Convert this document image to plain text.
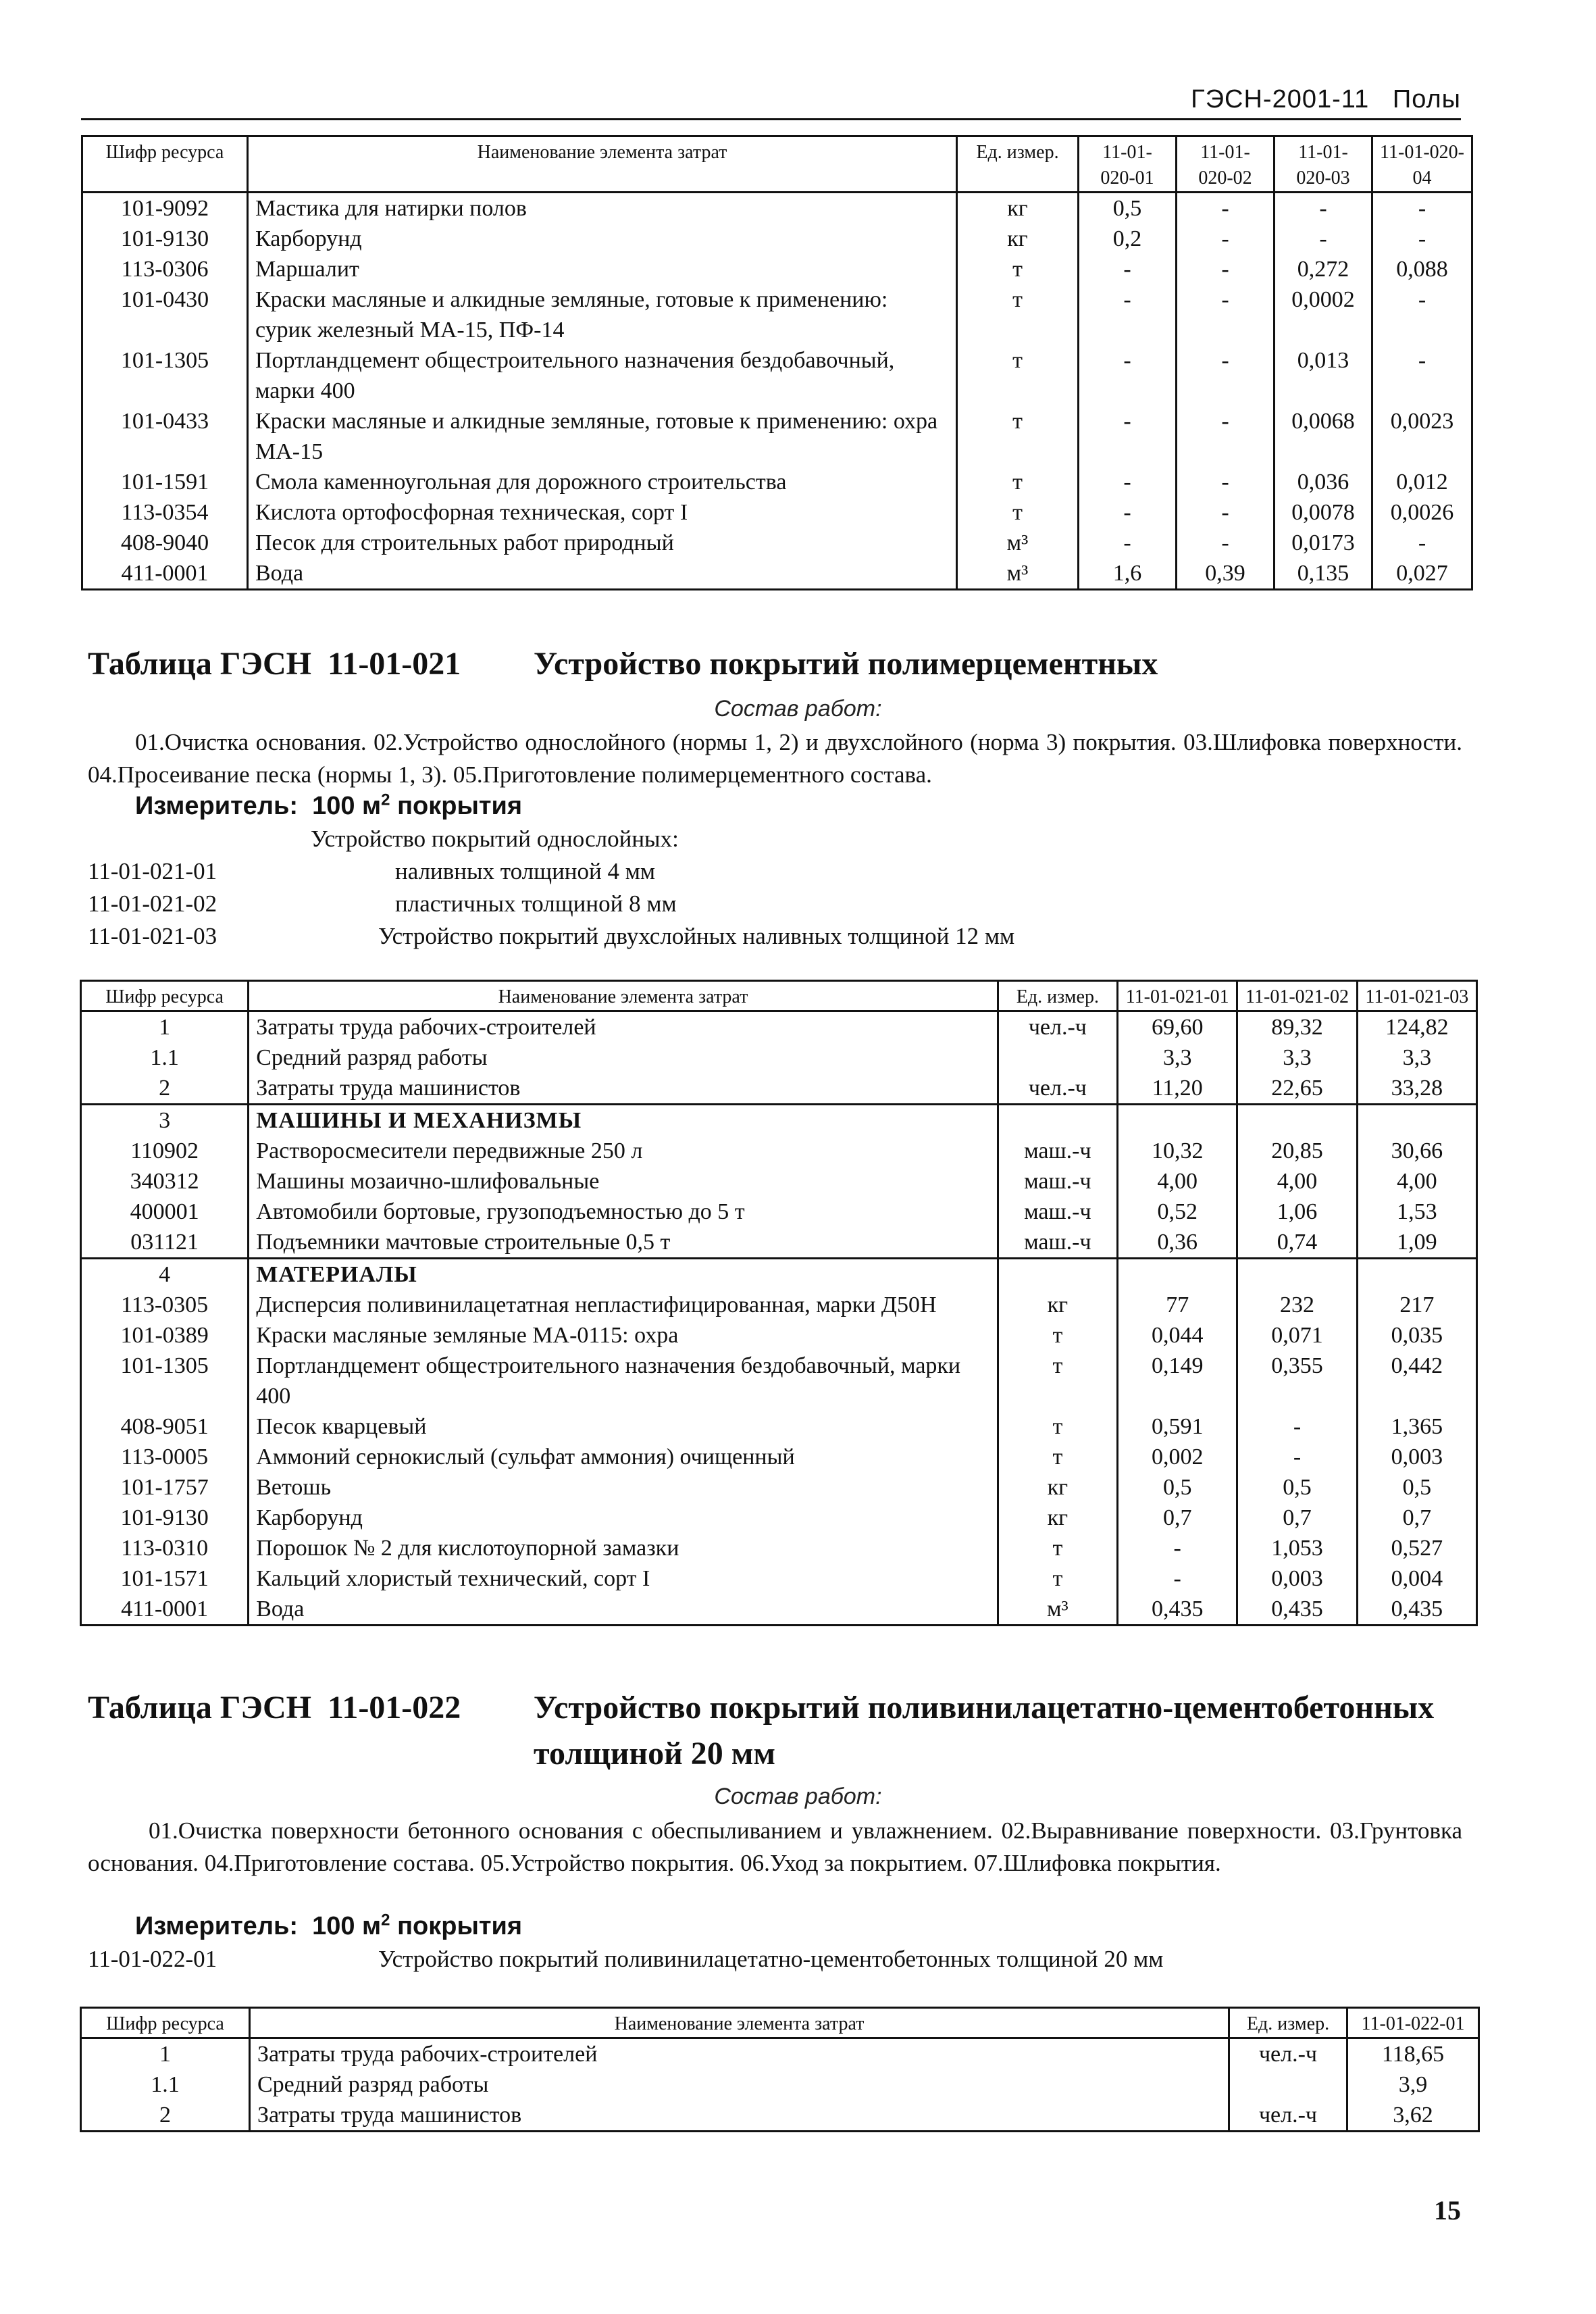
ГЭСН-2001-11   Полы
Шифр ресурса	Наименование элемента затрат	Ед. измер.	11-01-020-01	11-01-020-02	11-01-020-03	11-01-020-04
101-9092	Мастика для натирки полов	кг	0,5	-	-	-
101-9130	Карборунд	кг	0,2	-	-	-
113-0306	Маршалит	т	-	-	0,272	0,088
101-0430	Краски масляные и алкидные земляные, готовые к применению: сурик железный МА-15, ПФ-14	т	-	-	0,0002	-
101-1305	Портландцемент общестроительного назначения бездобавочный, марки 400	т	-	-	0,013	-
101-0433	Краски масляные и алкидные земляные, готовые к применению: охра МА-15	т	-	-	0,0068	0,0023
101-1591	Смола каменноугольная для дорожного строительства	т	-	-	0,036	0,012
113-0354	Кислота ортофосфорная техническая, сорт I	т	-	-	0,0078	0,0026
408-9040	Песок для строительных работ природный	м³	-	-	0,0173	-
411-0001	Вода	м³	1,6	0,39	0,135	0,027
Таблица ГЭСН  11-01-021 Устройство покрытий полимерцементных
Состав работ:
01.Очистка основания. 02.Устройство однослойного (нормы 1, 2) и двухслойного (норма 3) покрытия. 03.Шлифовка поверхности. 04.Просеивание песка (нормы 1, 3). 05.Приготовление полимерцементного состава.
Измеритель:  100 $м^2$ покрытия
Устройство покрытий однослойных:
11-01-021-01	наливных толщиной 4 мм
11-01-021-02	пластичных толщиной 8 мм
11-01-021-03	Устройство покрытий двухслойных наливных толщиной 12 мм
Шифр ресурса	Наименование элемента затрат	Ед. измер.	11-01-021-01	11-01-021-02	11-01-021-03
1	Затраты труда рабочих-строителей	чел.-ч	69,60	89,32	124,82
1.1	Средний разряд работы		3,3	3,3	3,3
2	Затраты труда машинистов	чел.-ч	11,20	22,65	33,28
3	МАШИНЫ И МЕХАНИЗМЫ				
110902	Растворосмесители передвижные 250 л	маш.-ч	10,32	20,85	30,66
340312	Машины мозаично-шлифовальные	маш.-ч	4,00	4,00	4,00
400001	Автомобили бортовые, грузоподъемностью до 5 т	маш.-ч	0,52	1,06	1,53
031121	Подъемники мачтовые строительные 0,5 т	маш.-ч	0,36	0,74	1,09
4	МАТЕРИАЛЫ				
113-0305	Дисперсия поливинилацетатная непластифицированная, марки Д50Н	кг	77	232	217
101-0389	Краски масляные земляные МА-0115: охра	т	0,044	0,071	0,035
101-1305	Портландцемент общестроительного назначения бездобавочный, марки 400	т	0,149	0,355	0,442
408-9051	Песок кварцевый	т	0,591	-	1,365
113-0005	Аммоний сернокислый (сульфат аммония) очищенный	т	0,002	-	0,003
101-1757	Ветошь	кг	0,5	0,5	0,5
101-9130	Карборунд	кг	0,7	0,7	0,7
113-0310	Порошок № 2 для кислотоупорной замазки	т	-	1,053	0,527
101-1571	Кальций хлористый технический, сорт I	т	-	0,003	0,004
411-0001	Вода	м³	0,435	0,435	0,435
Таблица ГЭСН  11-01-022 Устройство покрытий поливинилацетатно-цементобетонных
толщиной 20 мм
Состав работ:
01.Очистка поверхности бетонного основания с обеспыливанием и увлажнением. 02.Выравнивание поверхности. 03.Грунтовка основания. 04.Приготовление состава. 05.Устройство покрытия. 06.Уход за покрытием. 07.Шлифовка покрытия.
Измеритель:  100 $м^2$ покрытия
11-01-022-01	Устройство покрытий поливинилацетатно-цементобетонных толщиной 20 мм
Шифр ресурса	Наименование элемента затрат	Ед. измер.	11-01-022-01
1	Затраты труда рабочих-строителей	чел.-ч	118,65
1.1	Средний разряд работы		3,9
2	Затраты труда машинистов	чел.-ч	3,62
15
